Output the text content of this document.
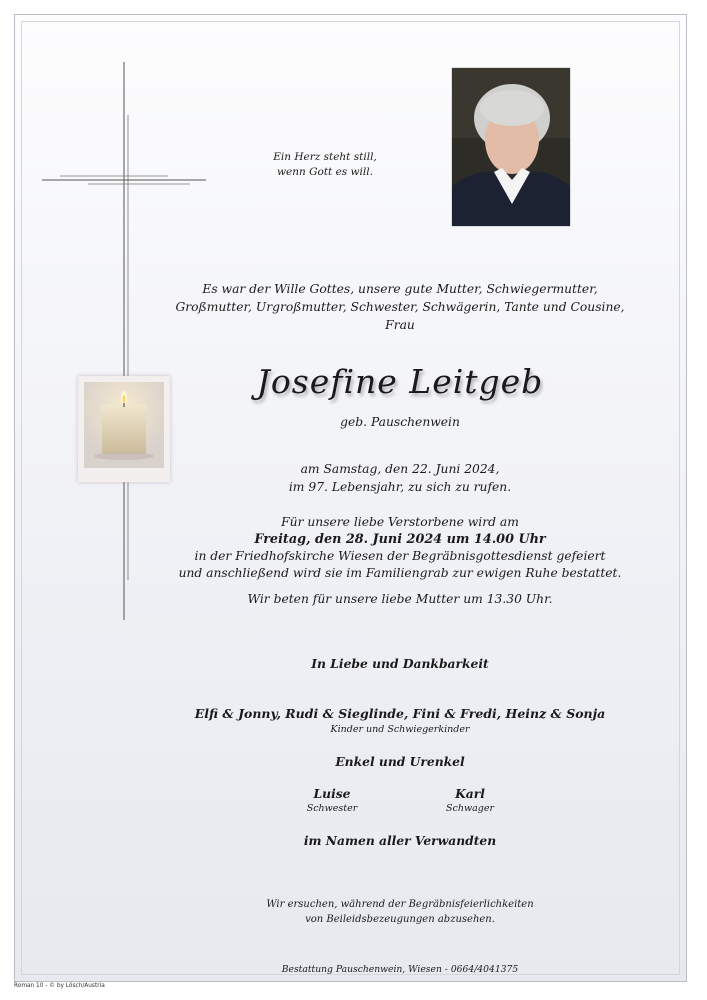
Ein Herz steht still,
wenn Gott es will.
Es war der Wille Gottes, unsere gute Mutter, Schwiegermutter,
Großmutter, Urgroßmutter, Schwester, Schwägerin, Tante und Cousine,
Frau
Josefine Leitgeb
geb. Pauschenwein
am Samstag, den 22. Juni 2024,
im 97. Lebensjahr, zu sich zu rufen.
Für unsere liebe Verstorbene wird am
Freitag, den 28. Juni 2024 um 14.00 Uhr
in der Friedhofskirche Wiesen der Begräbnisgottesdienst gefeiert
und anschließend wird sie im Familiengrab zur ewigen Ruhe bestattet.
Wir beten für unsere liebe Mutter um 13.30 Uhr.
In Liebe und Dankbarkeit
Elfi & Jonny, Rudi & Sieglinde, Fini & Fredi, Heinz & Sonja
Kinder und Schwiegerkinder
Enkel und Urenkel
Luise
Schwester
Karl
Schwager
im Namen aller Verwandten
Wir ersuchen, während der Begräbnisfeierlichkeiten
von Beileidsbezeugungen abzusehen.
Bestattung Pauschenwein, Wiesen - 0664/4041375
Roman 10 - © by Lösch/Austria
